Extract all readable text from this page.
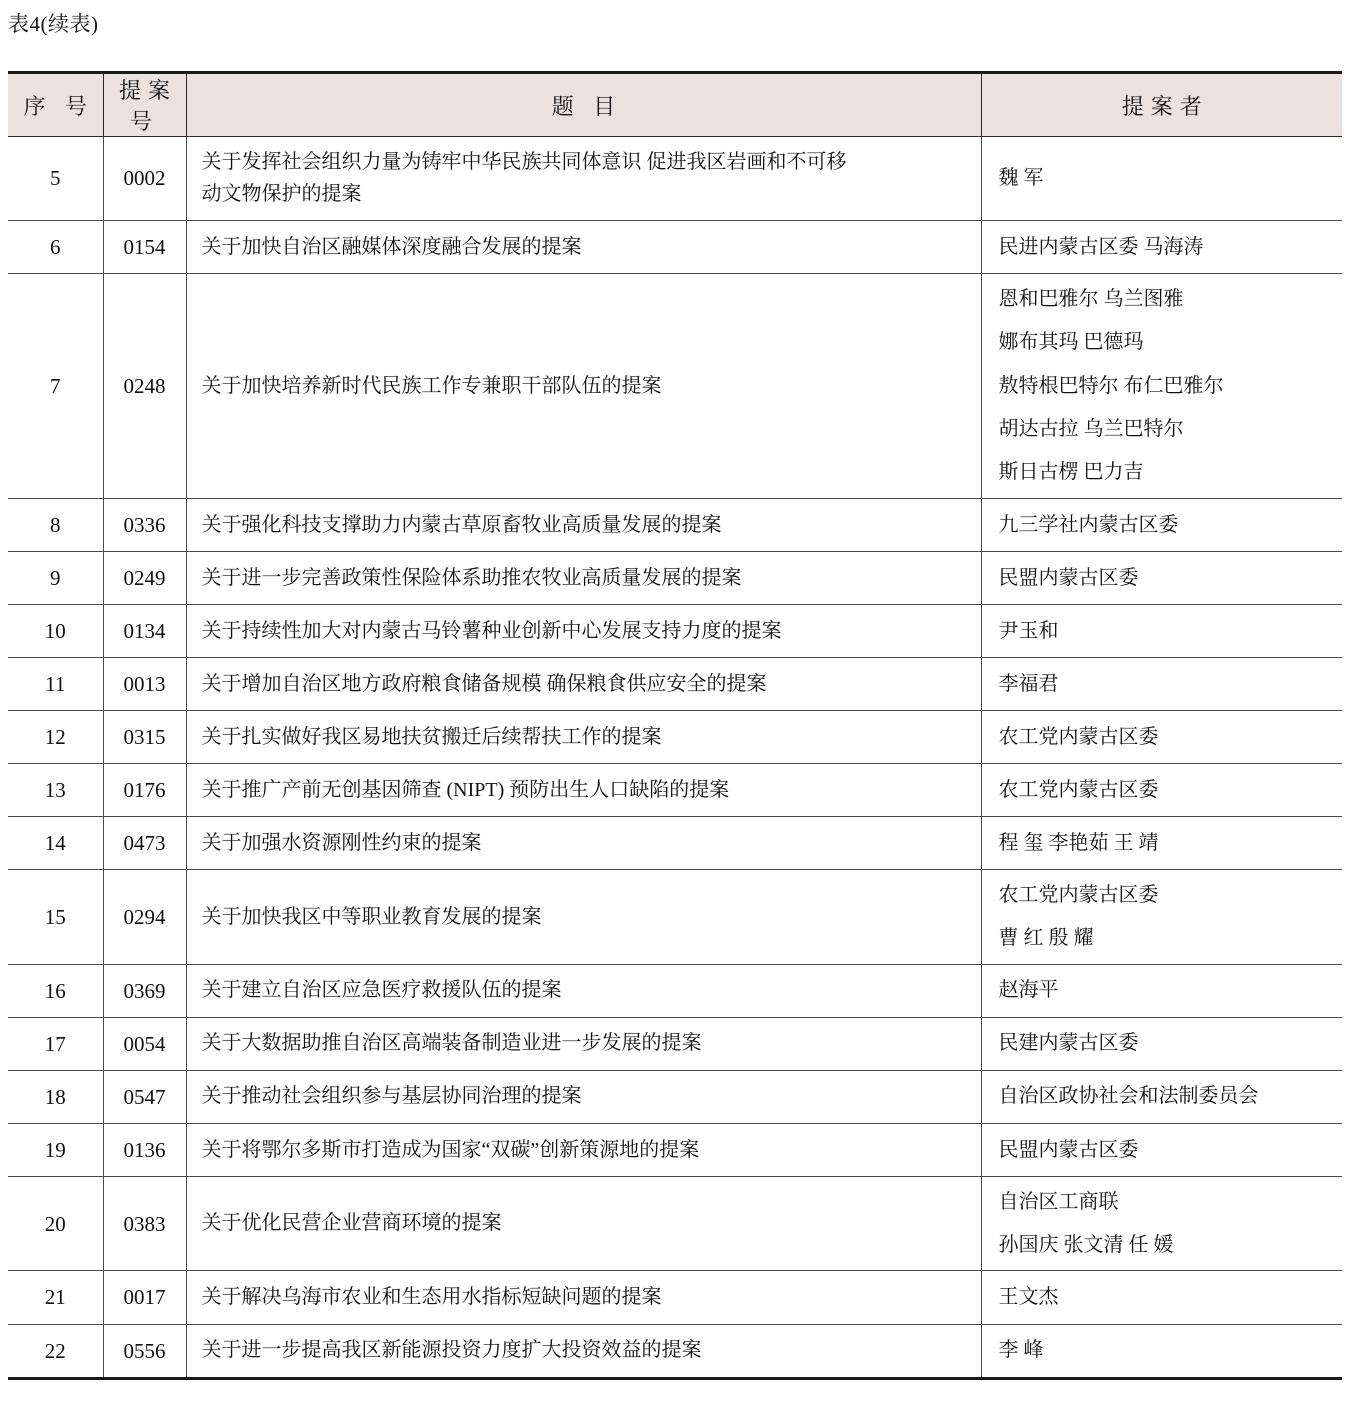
表4(续表)
序 号	提案号	题 目	提案者
5	0002	关于发挥社会组织力量为铸牢中华民族共同体意识 促进我区岩画和不可移
动文物保护的提案	魏 军

6	0154	关于加快自治区融媒体深度融合发展的提案	民进内蒙古区委 马海涛

7	0248	关于加快培养新时代民族工作专兼职干部队伍的提案	恩和巴雅尔 乌兰图雅
娜布其玛 巴德玛
敖特根巴特尔 布仁巴雅尔
胡达古拉 乌兰巴特尔
斯日古楞 巴力吉

8	0336	关于强化科技支撑助力内蒙古草原畜牧业高质量发展的提案	九三学社内蒙古区委

9	0249	关于进一步完善政策性保险体系助推农牧业高质量发展的提案	民盟内蒙古区委

10	0134	关于持续性加大对内蒙古马铃薯种业创新中心发展支持力度的提案	尹玉和

11	0013	关于增加自治区地方政府粮食储备规模 确保粮食供应安全的提案	李福君

12	0315	关于扎实做好我区易地扶贫搬迁后续帮扶工作的提案	农工党内蒙古区委

13	0176	关于推广产前无创基因筛查 (NIPT) 预防出生人口缺陷的提案	农工党内蒙古区委

14	0473	关于加强水资源刚性约束的提案	程 玺 李艳茹 王 靖

15	0294	关于加快我区中等职业教育发展的提案	农工党内蒙古区委
曹 红 殷 耀

16	0369	关于建立自治区应急医疗救援队伍的提案	赵海平

17	0054	关于大数据助推自治区高端装备制造业进一步发展的提案	民建内蒙古区委

18	0547	关于推动社会组织参与基层协同治理的提案	自治区政协社会和法制委员会

19	0136	关于将鄂尔多斯市打造成为国家“双碳”创新策源地的提案	民盟内蒙古区委

20	0383	关于优化民营企业营商环境的提案	自治区工商联
孙国庆 张文清 任 媛

21	0017	关于解决乌海市农业和生态用水指标短缺问题的提案	王文杰

22	0556	关于进一步提高我区新能源投资力度扩大投资效益的提案	李 峰
